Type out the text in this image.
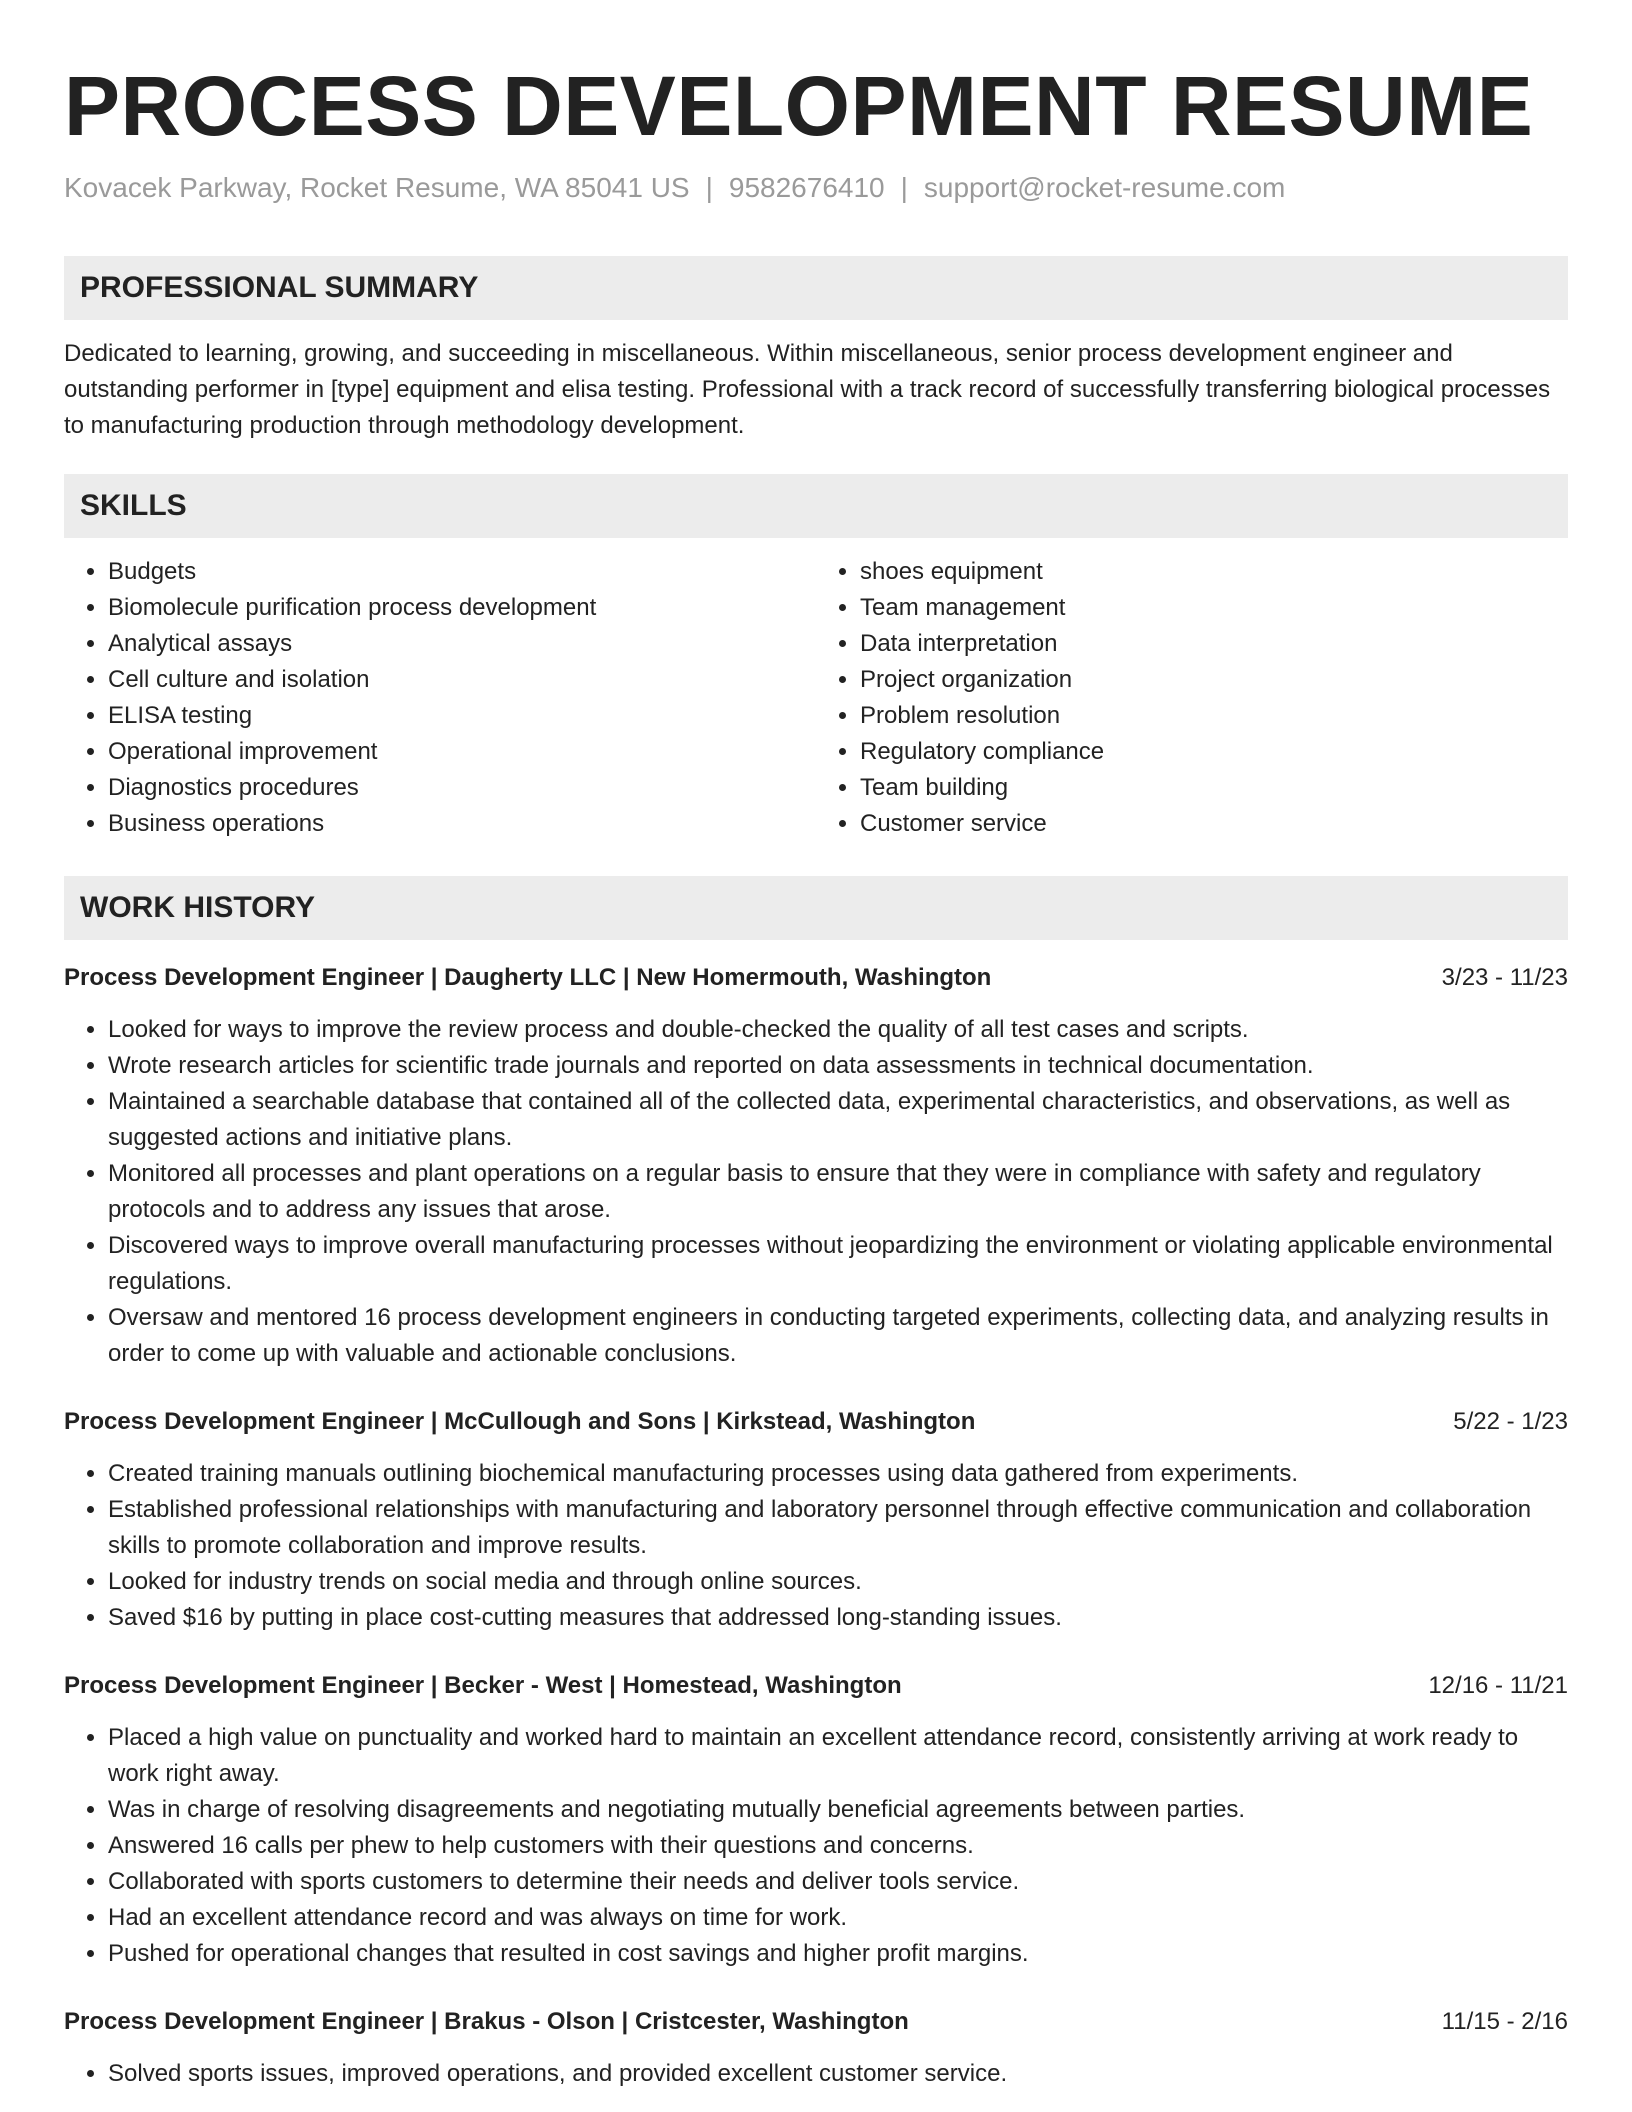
PROCESS DEVELOPMENT RESUME
Kovacek Parkway, Rocket Resume, WA 85041 US | 9582676410 | support@rocket-resume.com
PROFESSIONAL SUMMARY

Dedicated to learning, growing, and succeeding in miscellaneous. Within miscellaneous, senior process development engineer and outstanding performer in [type] equipment and elisa testing. Professional with a track record of successfully transferring biological processes to manufacturing production through methodology development.

SKILLS
• Budgets
• Biomolecule purification process development
• Analytical assays
• Cell culture and isolation
• ELISA testing
• Operational improvement
• Diagnostics procedures
• Business operations
• shoes equipment
• Team management
• Data interpretation
• Project organization
• Problem resolution
• Regulatory compliance
• Team building
• Customer service
WORK HISTORY
Process Development Engineer | Daugherty LLC | New Homermouth, Washington	3/23 - 11/23
• Looked for ways to improve the review process and double-checked the quality of all test cases and scripts.
• Wrote research articles for scientific trade journals and reported on data assessments in technical documentation.
• Maintained a searchable database that contained all of the collected data, experimental characteristics, and observations, as well as suggested actions and initiative plans.
• Monitored all processes and plant operations on a regular basis to ensure that they were in compliance with safety and regulatory protocols and to address any issues that arose.
• Discovered ways to improve overall manufacturing processes without jeopardizing the environment or violating applicable environmental regulations.
• Oversaw and mentored 16 process development engineers in conducting targeted experiments, collecting data, and analyzing results in order to come up with valuable and actionable conclusions.
Process Development Engineer | McCullough and Sons | Kirkstead, Washington	5/22 - 1/23
• Created training manuals outlining biochemical manufacturing processes using data gathered from experiments.
• Established professional relationships with manufacturing and laboratory personnel through effective communication and collaboration skills to promote collaboration and improve results.
• Looked for industry trends on social media and through online sources.
• Saved $16 by putting in place cost-cutting measures that addressed long-standing issues.
Process Development Engineer | Becker - West | Homestead, Washington	12/16 - 11/21
• Placed a high value on punctuality and worked hard to maintain an excellent attendance record, consistently arriving at work ready to work right away.
• Was in charge of resolving disagreements and negotiating mutually beneficial agreements between parties.
• Answered 16 calls per phew to help customers with their questions and concerns.
• Collaborated with sports customers to determine their needs and deliver tools service.
• Had an excellent attendance record and was always on time for work.
• Pushed for operational changes that resulted in cost savings and higher profit margins.
Process Development Engineer | Brakus - Olson | Cristcester, Washington	11/15 - 2/16
• Solved sports issues, improved operations, and provided excellent customer service.
